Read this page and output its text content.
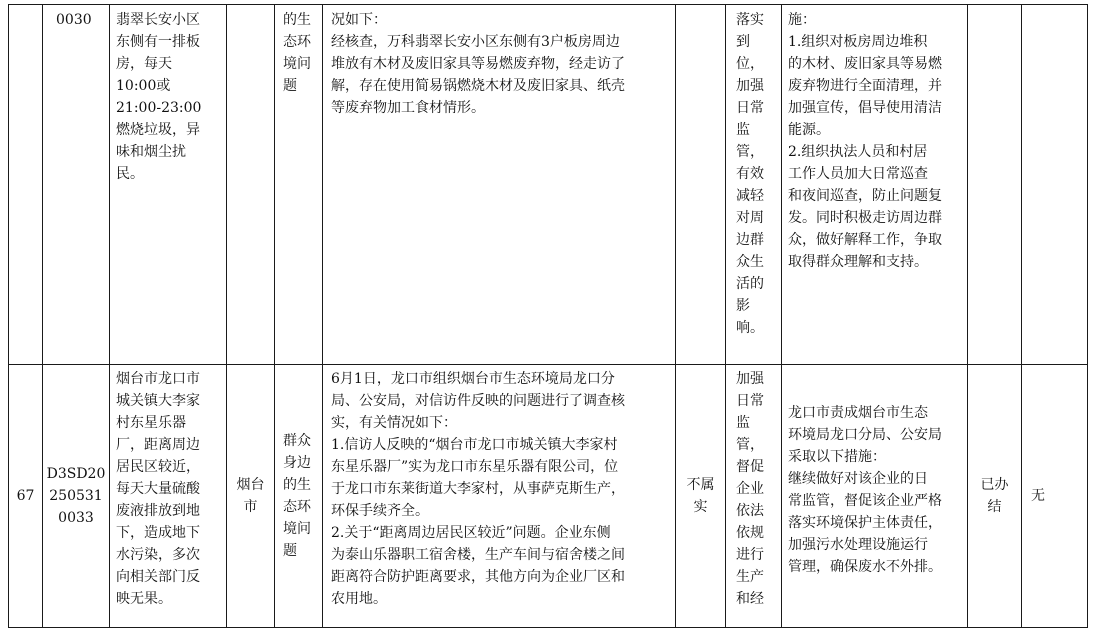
0030	翡翠长安小区
东侧有一排板
房，每天
10:00或
21:00-23:00
燃烧垃圾，异
味和烟尘扰
民。
的生
态环
境问
题
况如下：
经核查，万科翡翠长安小区东侧有3户板房周边
堆放有木材及废旧家具等易燃废弃物，经走访了
解，存在使用简易锅燃烧木材及废旧家具、纸壳
等废弃物加工食材情形。
落实
到
位，
加强
日常
监
管，
有效
减轻
对周
边群
众生
活的
影
响。
施：
1.组织对板房周边堆积
的木材、废旧家具等易燃
废弃物进行全面清理，并
加强宣传，倡导使用清洁
能源。
2.组织执法人员和村居
工作人员加大日常巡查
和夜间巡查，防止问题复
发。同时积极走访周边群
众，做好解释工作，争取
取得群众理解和支持。
67
D3SD20
250531
0033
烟台市龙口市
城关镇大李家
村东星乐器
厂，距离周边
居民区较近，
每天大量硫酸
废液排放到地
下，造成地下
水污染，多次
向相关部门反
映无果。
烟台
市
群众
身边
的生
态环
境问
题
6月1日，龙口市组织烟台市生态环境局龙口分
局、公安局，对信访件反映的问题进行了调查核
实，有关情况如下：
1.信访人反映的“烟台市龙口市城关镇大李家村
东星乐器厂”实为龙口市东星乐器有限公司，位
于龙口市东莱街道大李家村，从事萨克斯生产，
环保手续齐全。
2.关于“距离周边居民区较近”问题。企业东侧
为泰山乐器职工宿舍楼，生产车间与宿舍楼之间
距离符合防护距离要求，其他方向为企业厂区和
农用地。
不属
实
加强
日常
监
管，
督促
企业
依法
依规
进行
生产
和经
龙口市责成烟台市生态
环境局龙口分局、公安局
采取以下措施：
继续做好对该企业的日
常监管，督促该企业严格
落实环境保护主体责任，
加强污水处理设施运行
管理，确保废水不外排。
已办
结
无
